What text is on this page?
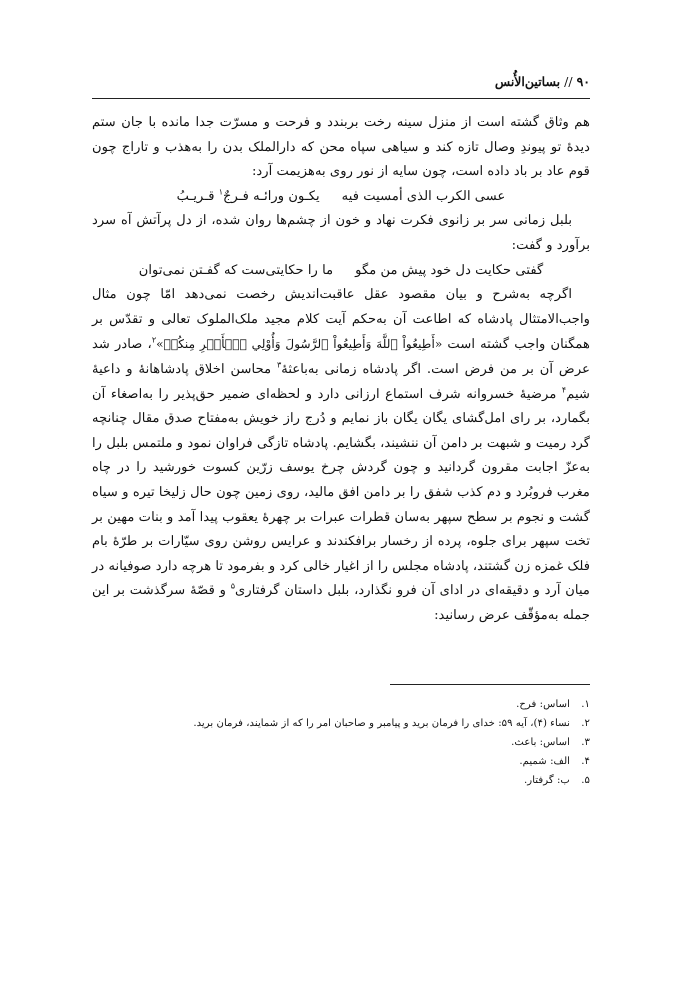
۹۰
//
بساتین‌الأُنس

هم وثاق گشته است از منزل سینه رخت بربندد و فرحت و مسرّت جدا مانده با جان ستم دیدهٔ تو پیوندِ وصال تازه کند و سیاهی سپاه محن که دارالملک بدن را به‌هذب و تاراج چون قوم عاد بر باد داده است، چون سایه از نور روی به‌هزیمت آرد:

عسی الکرب الذی أمسیت فیه
یکـون ورائـه فـرجٌ$^۱$ قـریـبُ

بلبل زمانی سر بر زانوی فکرت نهاد و خون از چشم‌ها روان شده، از دل پرآتش آه سرد برآورد و گفت:

گفتی حکایت دل خود پیش من مگو
ما را حکایتی‌ست که گفـتن نمی‌توان

اگرچه به‌شرح و بیان مقصود عقل عاقبت‌اندیش رخصت نمی‌دهد امّا چون مثال واجب‌الامتثال پادشاه که اطاعت آن به‌حکم آیت کلام مجید ملک‌الملوک تعالی و تقدّس بر همگنان واجب گشته است «أَطِيعُواْ ٱللَّهَ وَأَطِيعُواْ ٱلرَّسُولَ وَأُوْلِي ٱلۡأَمۡرِ مِنكُمۡ»$^۲$، صادر شد عرض آن بر من فرض است. اگر پادشاه زمانی به‌باعثهٔ$^۳$ محاسن اخلاق پادشاهانهٔ و داعیهٔ شیم$^۴$ مرضیهٔ خسروانه شرف استماع ارزانی دارد و لحظه‌ای ضمیر حق‌پذیر را به‌اصغاء آن بگمارد، بر رای امل‌گشای یگان یگان باز نمایم و دُرج راز خویش به‌مفتاح صدق مقال چنانچه گرد رمیت و شبهت بر دامن آن ننشیند، بگشایم. پادشاه تازگی فراوان نمود و ملتمس بلبل را به‌عزّ اجابت مقرون گردانید و چون گردش چرخ یوسف زرّین کسوت خورشید را در چاه مغرب فروبُرد و دم کذب شفق را بر دامن افق مالید، روی زمین چون حال زلیخا تیره و سیاه گشت و نجوم بر سطح سپهر به‌سان قطرات عبرات بر چهرهٔ یعقوب پیدا آمد و بنات مهین بر تخت سپهر برای جلوه، پرده از رخسار برافکندند و عرایس روشن روی سیّارات بر طرّهٔ بام فلک غمزه زن گشتند، پادشاه مجلس را از اغیار خالی کرد و بفرمود تا هرچه دارد صوفیانه در میان آرد و دقیقه‌ای در ادای آن فرو نگذارد، بلبل داستان گرفتاری$^۵$ و قصّهٔ سرگذشت بر این جمله به‌مؤقّف عرض رسانید:

۱.
اساس: فرح.
۲.
نساء (۴)، آیه ۵۹: خدای را فرمان برید و پیامبر و صاحبان امر را که از شمایند، فرمان برید.
۳.
اساس: باعث.
۴.
الف: شمیم.
۵.
ب: گرفتار.
